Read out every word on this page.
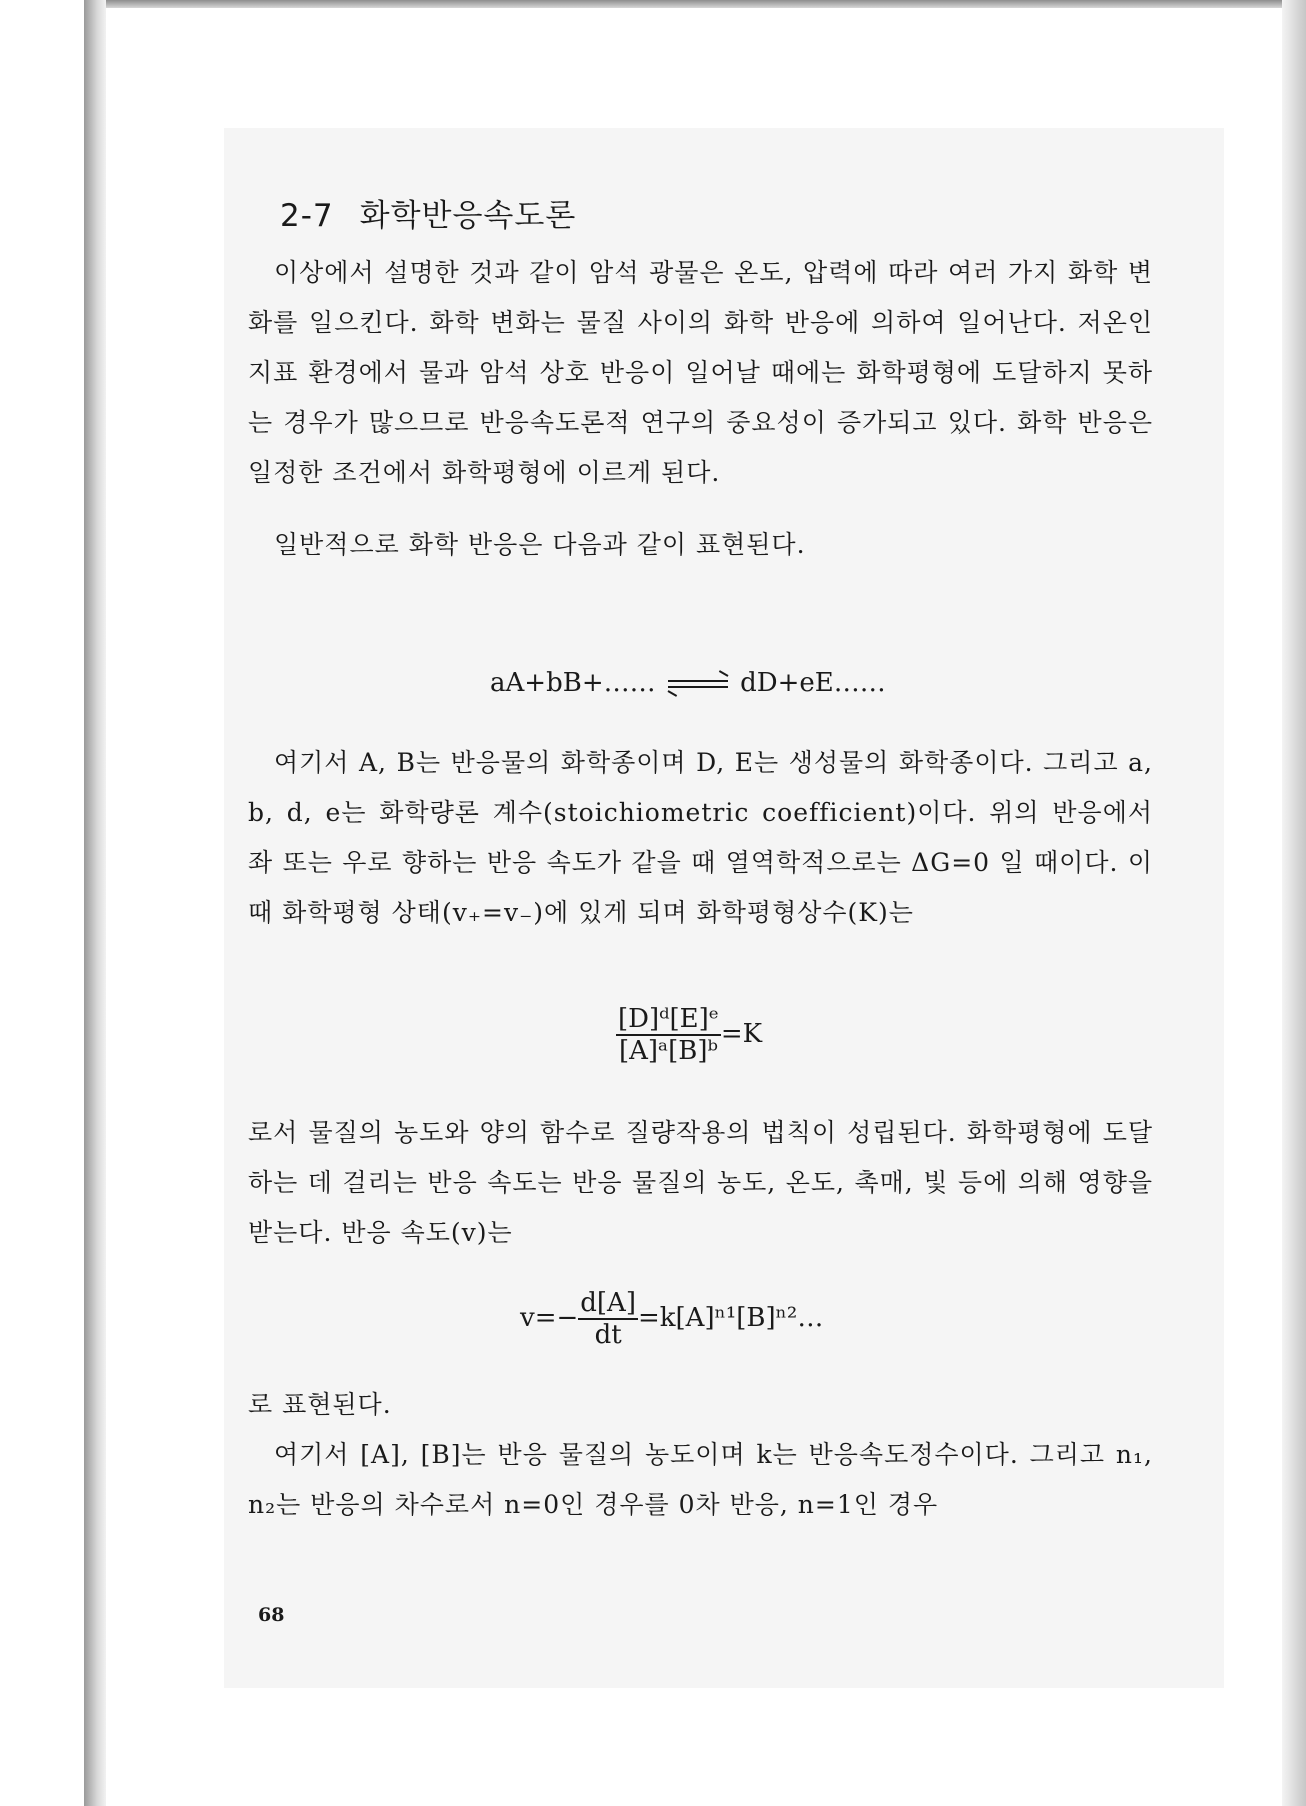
2-7 화학반응속도론
이상에서 설명한 것과 같이 암석 광물은 온도, 압력에 따라 여러 가지 화학 변화를 일으킨다. 화학 변화는 물질 사이의 화학 반응에 의하여 일어난다. 저온인 지표 환경에서 물과 암석 상호 반응이 일어날 때에는 화학평형에 도달하지 못하는 경우가 많으므로 반응속도론적 연구의 중요성이 증가되고 있다. 화학 반응은 일정한 조건에서 화학평형에 이르게 된다.
일반적으로 화학 반응은 다음과 같이 표현된다.
aA+bB+……	dD+eE……
여기서 A, B는 반응물의 화학종이며 D, E는 생성물의 화학종이다. 그리고 a, b, d, e는 화학량론 계수(stoichiometric coefficient)이다. 위의 반응에서 좌 또는 우로 향하는 반응 속도가 같을 때 열역학적으로는 ΔG=0 일 때이다. 이때 화학평형 상태(v₊=v₋)에 있게 되며 화학평형상수(K)는
$\frac{\text{[D]ᵈ[E]ᵉ}}{\text{[A]ᵃ[B]ᵇ}} =K$
로서 물질의 농도와 양의 함수로 질량작용의 법칙이 성립된다. 화학평형에 도달하는 데 걸리는 반응 속도는 반응 물질의 농도, 온도, 촉매, 빛 등에 의해 영향을 받는다. 반응 속도(v)는
$v=- \frac{d[A]}{dt}$ =k[A]ⁿ¹[B]ⁿ²…
로 표현된다.
여기서 [A], [B]는 반응 물질의 농도이며 k는 반응속도정수이다. 그리고 n₁, n₂는 반응의 차수로서 n=0인 경우를 0차 반응, n=1인 경우
68
